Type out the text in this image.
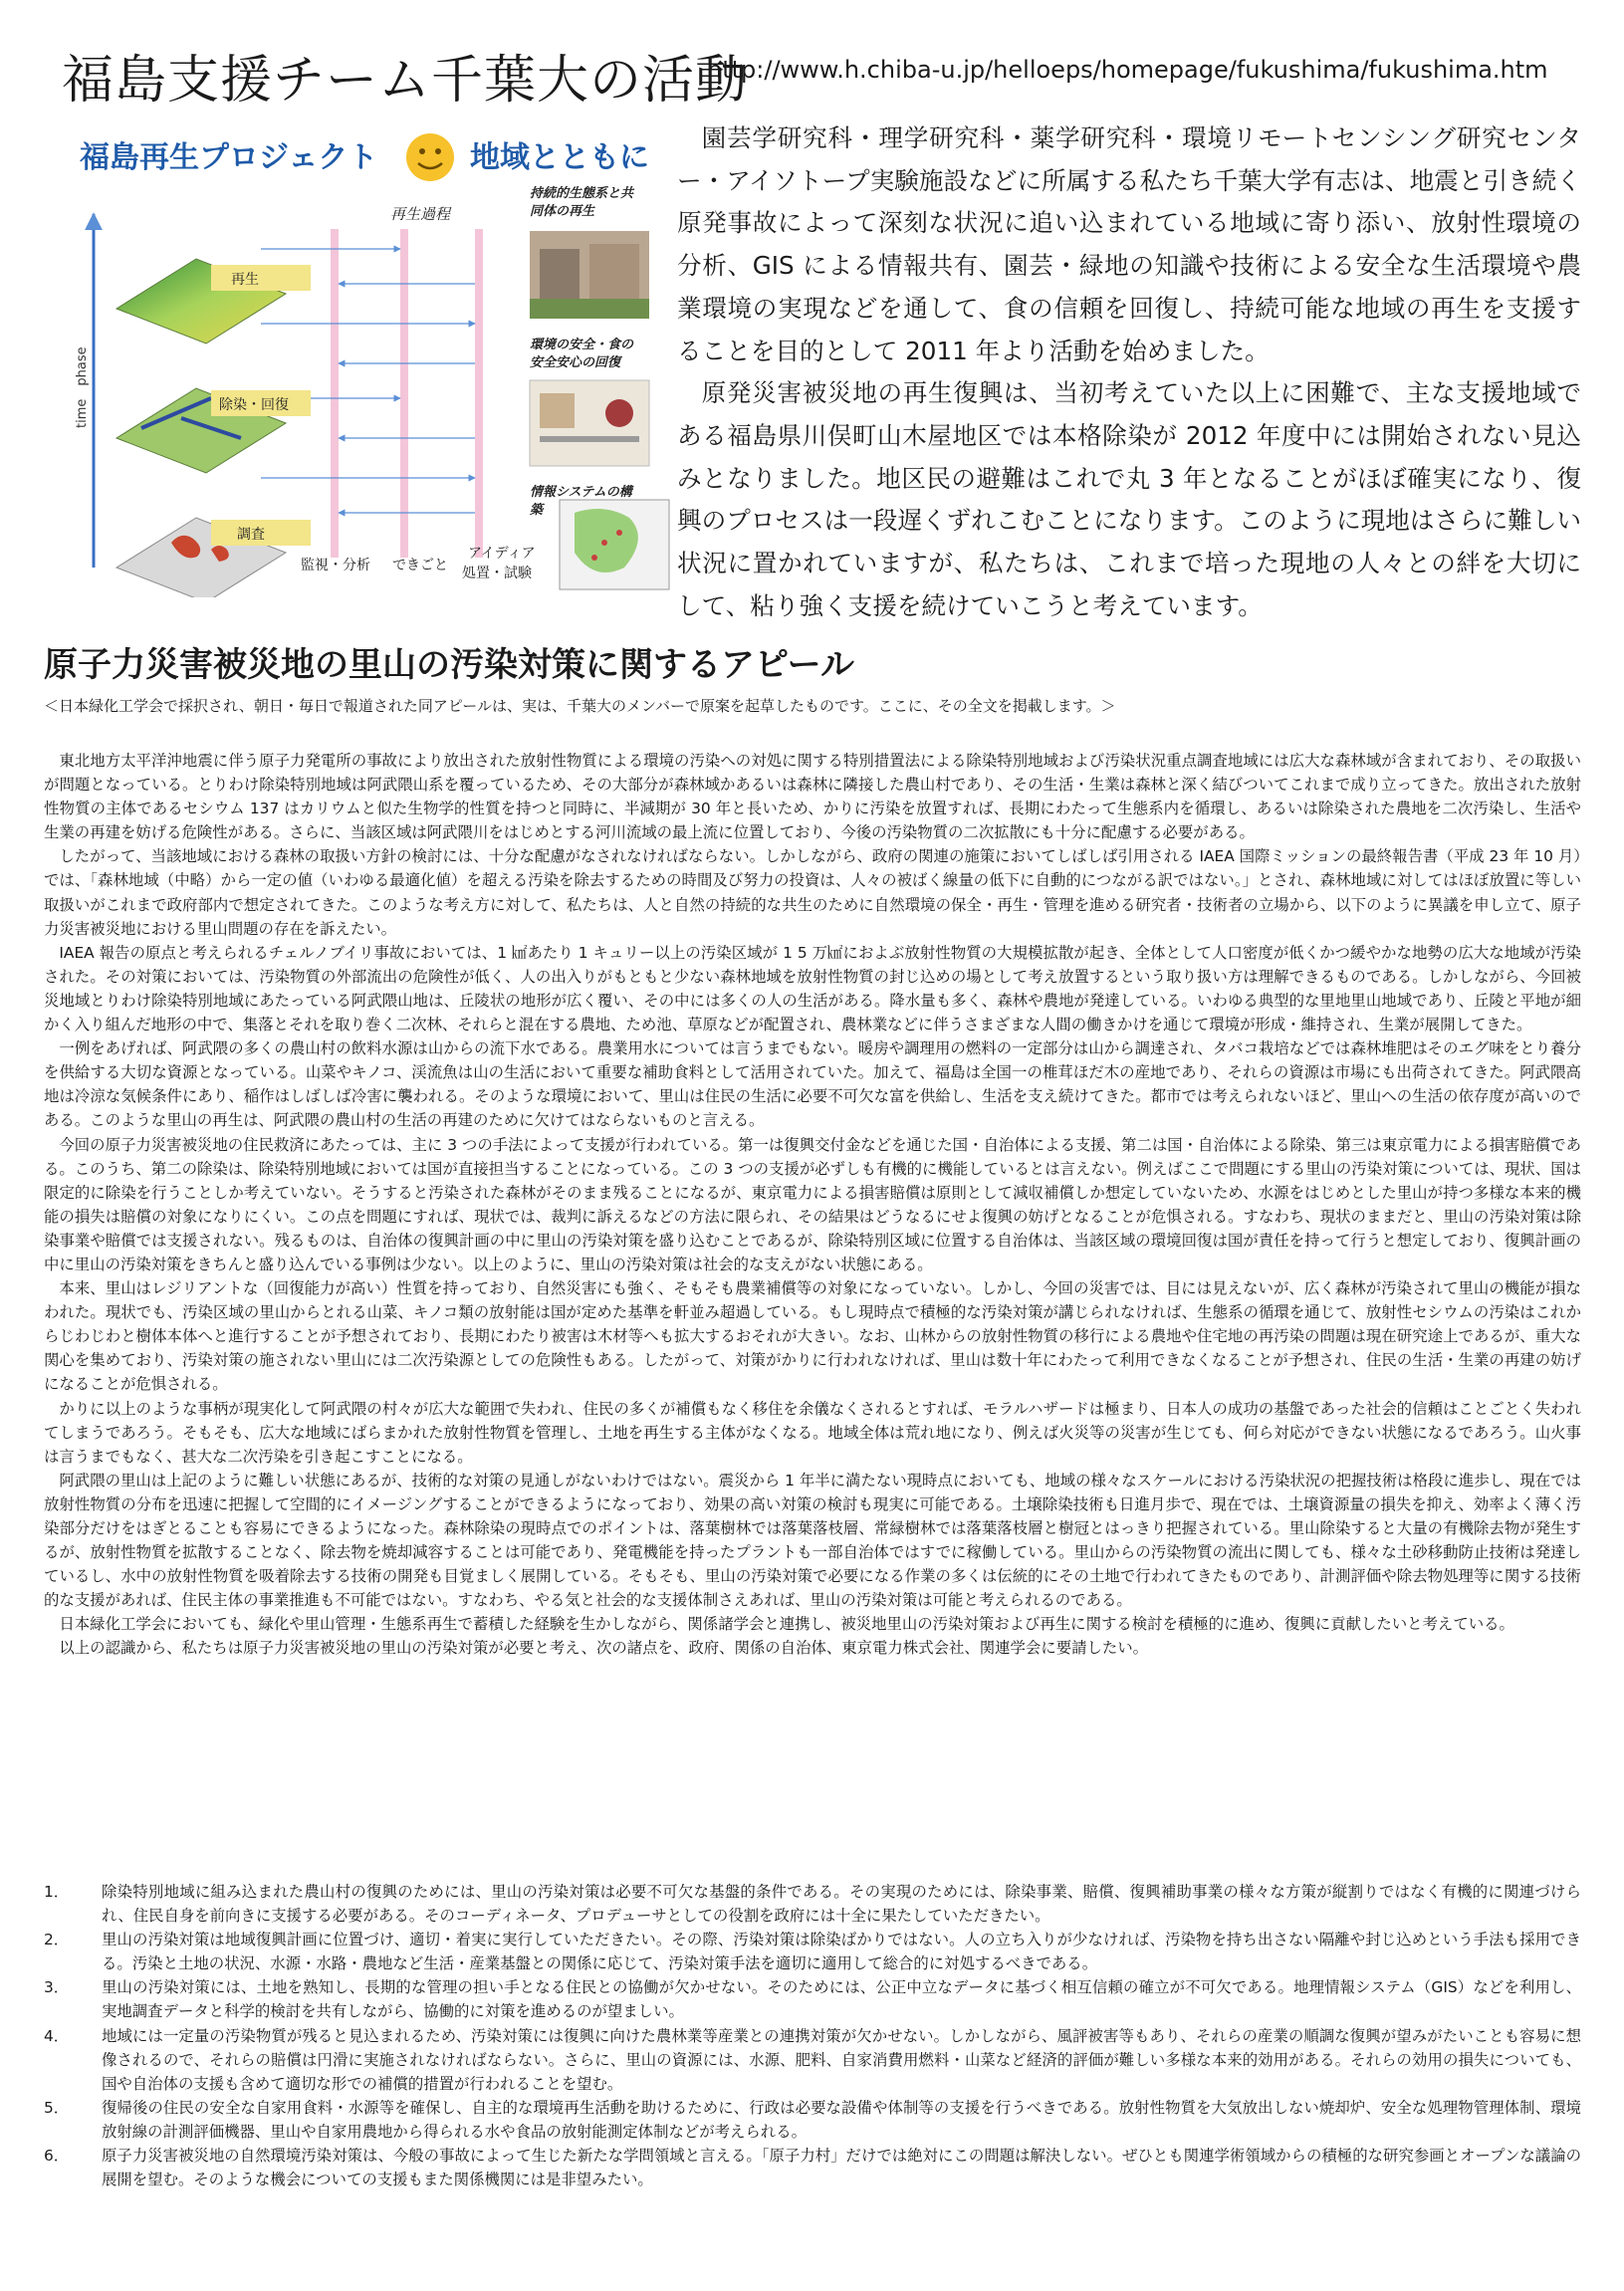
福島支援チーム千葉大の活動
http://www.h.chiba-u.jp/helloeps/homepage/fukushima/fukushima.htm
福島再生プロジェクト	地域とともに
time　phase
再生過程
再生
除染・回復
調査
持続的生態系と共
同体の再生
環境の安全・食の
安全安心の回復
情報システムの構
築
監視・分析 できごと
アイディア
処置・試験

園芸学研究科・理学研究科・薬学研究科・環境リモートセンシング研究センター・アイソトープ実験施設などに所属する私たち千葉大学有志は、地震と引き続く原発事故によって深刻な状況に追い込まれている地域に寄り添い、放射性環境の分析、GIS による情報共有、園芸・緑地の知識や技術による安全な生活環境や農業環境の実現などを通して、食の信頼を回復し、持続可能な地域の再生を支援することを目的として 2011 年より活動を始めました。

原発災害被災地の再生復興は、当初考えていた以上に困難で、主な支援地域である福島県川俣町山木屋地区では本格除染が 2012 年度中には開始されない見込みとなりました。地区民の避難はこれで丸 3 年となることがほぼ確実になり、復興のプロセスは一段遅くずれこむことになります。このように現地はさらに難しい状況に置かれていますが、私たちは、これまで培った現地の人々との絆を大切にして、粘り強く支援を続けていこうと考えています。

原子力災害被災地の里山の汚染対策に関するアピール
＜日本緑化工学会で採択され、朝日・毎日で報道された同アピールは、実は、千葉大のメンバーで原案を起草したものです。ここに、その全文を掲載します。＞

東北地方太平洋沖地震に伴う原子力発電所の事故により放出された放射性物質による環境の汚染への対処に関する特別措置法による除染特別地域および汚染状況重点調査地域には広大な森林域が含まれており、その取扱いが問題となっている。とりわけ除染特別地域は阿武隈山系を覆っているため、その大部分が森林域かあるいは森林に隣接した農山村であり、その生活・生業は森林と深く結びついてこれまで成り立ってきた。放出された放射性物質の主体であるセシウム 137 はカリウムと似た生物学的性質を持つと同時に、半減期が 30 年と長いため、かりに汚染を放置すれば、長期にわたって生態系内を循環し、あるいは除染された農地を二次汚染し、生活や生業の再建を妨げる危険性がある。さらに、当該区域は阿武隈川をはじめとする河川流域の最上流に位置しており、今後の汚染物質の二次拡散にも十分に配慮する必要がある。

したがって、当該地域における森林の取扱い方針の検討には、十分な配慮がなされなければならない。しかしながら、政府の関連の施策においてしばしば引用される IAEA 国際ミッションの最終報告書（平成 23 年 10 月）では、「森林地域（中略）から一定の値（いわゆる最適化値）を超える汚染を除去するための時間及び努力の投資は、人々の被ばく線量の低下に自動的につながる訳ではない。」とされ、森林地域に対してはほぼ放置に等しい取扱いがこれまで政府部内で想定されてきた。このような考え方に対して、私たちは、人と自然の持続的な共生のために自然環境の保全・再生・管理を進める研究者・技術者の立場から、以下のように異議を申し立て、原子力災害被災地における里山問題の存在を訴えたい。

IAEA 報告の原点と考えられるチェルノブイリ事故においては、1 ㎢あたり 1 キュリー以上の汚染区域が 1 5 万㎢におよぶ放射性物質の大規模拡散が起き、全体として人口密度が低くかつ緩やかな地勢の広大な地域が汚染された。その対策においては、汚染物質の外部流出の危険性が低く、人の出入りがもともと少ない森林地域を放射性物質の封じ込めの場として考え放置するという取り扱い方は理解できるものである。しかしながら、今回被災地域とりわけ除染特別地域にあたっている阿武隈山地は、丘陵状の地形が広く覆い、その中には多くの人の生活がある。降水量も多く、森林や農地が発達している。いわゆる典型的な里地里山地域であり、丘陵と平地が細かく入り組んだ地形の中で、集落とそれを取り巻く二次林、それらと混在する農地、ため池、草原などが配置され、農林業などに伴うさまざまな人間の働きかけを通じて環境が形成・維持され、生業が展開してきた。

一例をあげれば、阿武隈の多くの農山村の飲料水源は山からの流下水である。農業用水については言うまでもない。暖房や調理用の燃料の一定部分は山から調達され、タバコ栽培などでは森林堆肥はそのエグ味をとり養分を供給する大切な資源となっている。山菜やキノコ、渓流魚は山の生活において重要な補助食料として活用されていた。加えて、福島は全国一の椎茸ほだ木の産地であり、それらの資源は市場にも出荷されてきた。阿武隈高地は冷涼な気候条件にあり、稲作はしばしば冷害に襲われる。そのような環境において、里山は住民の生活に必要不可欠な富を供給し、生活を支え続けてきた。都市では考えられないほど、里山への生活の依存度が高いのである。このような里山の再生は、阿武隈の農山村の生活の再建のために欠けてはならないものと言える。

今回の原子力災害被災地の住民救済にあたっては、主に 3 つの手法によって支援が行われている。第一は復興交付金などを通じた国・自治体による支援、第二は国・自治体による除染、第三は東京電力による損害賠償である。このうち、第二の除染は、除染特別地域においては国が直接担当することになっている。この 3 つの支援が必ずしも有機的に機能しているとは言えない。例えばここで問題にする里山の汚染対策については、現状、国は限定的に除染を行うことしか考えていない。そうすると汚染された森林がそのまま残ることになるが、東京電力による損害賠償は原則として減収補償しか想定していないため、水源をはじめとした里山が持つ多様な本来的機能の損失は賠償の対象になりにくい。この点を問題にすれば、現状では、裁判に訴えるなどの方法に限られ、その結果はどうなるにせよ復興の妨げとなることが危惧される。すなわち、現状のままだと、里山の汚染対策は除染事業や賠償では支援されない。残るものは、自治体の復興計画の中に里山の汚染対策を盛り込むことであるが、除染特別区域に位置する自治体は、当該区域の環境回復は国が責任を持って行うと想定しており、復興計画の中に里山の汚染対策をきちんと盛り込んでいる事例は少ない。以上のように、里山の汚染対策は社会的な支えがない状態にある。

本来、里山はレジリアントな（回復能力が高い）性質を持っており、自然災害にも強く、そもそも農業補償等の対象になっていない。しかし、今回の災害では、目には見えないが、広く森林が汚染されて里山の機能が損なわれた。現状でも、汚染区域の里山からとれる山菜、キノコ類の放射能は国が定めた基準を軒並み超過している。もし現時点で積極的な汚染対策が講じられなければ、生態系の循環を通じて、放射性セシウムの汚染はこれからじわじわと樹体本体へと進行することが予想されており、長期にわたり被害は木材等へも拡大するおそれが大きい。なお、山林からの放射性物質の移行による農地や住宅地の再汚染の問題は現在研究途上であるが、重大な関心を集めており、汚染対策の施されない里山には二次汚染源としての危険性もある。したがって、対策がかりに行われなければ、里山は数十年にわたって利用できなくなることが予想され、住民の生活・生業の再建の妨げになることが危惧される。

かりに以上のような事柄が現実化して阿武隈の村々が広大な範囲で失われ、住民の多くが補償もなく移住を余儀なくされるとすれば、モラルハザードは極まり、日本人の成功の基盤であった社会的信頼はことごとく失われてしまうであろう。そもそも、広大な地域にばらまかれた放射性物質を管理し、土地を再生する主体がなくなる。地域全体は荒れ地になり、例えば火災等の災害が生じても、何ら対応ができない状態になるであろう。山火事は言うまでもなく、甚大な二次汚染を引き起こすことになる。

阿武隈の里山は上記のように難しい状態にあるが、技術的な対策の見通しがないわけではない。震災から 1 年半に満たない現時点においても、地域の様々なスケールにおける汚染状況の把握技術は格段に進歩し、現在では放射性物質の分布を迅速に把握して空間的にイメージングすることができるようになっており、効果の高い対策の検討も現実に可能である。土壌除染技術も日進月歩で、現在では、土壌資源量の損失を抑え、効率よく薄く汚染部分だけをはぎとることも容易にできるようになった。森林除染の現時点でのポイントは、落葉樹林では落葉落枝層、常緑樹林では落葉落枝層と樹冠とはっきり把握されている。里山除染すると大量の有機除去物が発生するが、放射性物質を拡散することなく、除去物を焼却減容することは可能であり、発電機能を持ったプラントも一部自治体ではすでに稼働している。里山からの汚染物質の流出に関しても、様々な土砂移動防止技術は発達しているし、水中の放射性物質を吸着除去する技術の開発も目覚ましく展開している。そもそも、里山の汚染対策で必要になる作業の多くは伝統的にその土地で行われてきたものであり、計測評価や除去物処理等に関する技術的な支援があれば、住民主体の事業推進も不可能ではない。すなわち、やる気と社会的な支援体制さえあれば、里山の汚染対策は可能と考えられるのである。

日本緑化工学会においても、緑化や里山管理・生態系再生で蓄積した経験を生かしながら、関係諸学会と連携し、被災地里山の汚染対策および再生に関する検討を積極的に進め、復興に貢献したいと考えている。

以上の認識から、私たちは原子力災害被災地の里山の汚染対策が必要と考え、次の諸点を、政府、関係の自治体、東京電力株式会社、関連学会に要請したい。

1． 除染特別地域に組み込まれた農山村の復興のためには、里山の汚染対策は必要不可欠な基盤的条件である。その実現のためには、除染事業、賠償、復興補助事業の様々な方策が縦割りではなく有機的に関連づけられ、住民自身を前向きに支援する必要がある。そのコーディネータ、プロデューサとしての役割を政府には十全に果たしていただきたい。
2． 里山の汚染対策は地域復興計画に位置づけ、適切・着実に実行していただきたい。その際、汚染対策は除染ばかりではない。人の立ち入りが少なければ、汚染物を持ち出さない隔離や封じ込めという手法も採用できる。汚染と土地の状況、水源・水路・農地など生活・産業基盤との関係に応じて、汚染対策手法を適切に適用して総合的に対処するべきである。
3． 里山の汚染対策には、土地を熟知し、長期的な管理の担い手となる住民との協働が欠かせない。そのためには、公正中立なデータに基づく相互信頼の確立が不可欠である。地理情報システム（GIS）などを利用し、実地調査データと科学的検討を共有しながら、協働的に対策を進めるのが望ましい。
4． 地域には一定量の汚染物質が残ると見込まれるため、汚染対策には復興に向けた農林業等産業との連携対策が欠かせない。しかしながら、風評被害等もあり、それらの産業の順調な復興が望みがたいことも容易に想像されるので、それらの賠償は円滑に実施されなければならない。さらに、里山の資源には、水源、肥料、自家消費用燃料・山菜など経済的評価が難しい多様な本来的効用がある。それらの効用の損失についても、国や自治体の支援も含めて適切な形での補償的措置が行われることを望む。
5． 復帰後の住民の安全な自家用食料・水源等を確保し、自主的な環境再生活動を助けるために、行政は必要な設備や体制等の支援を行うべきである。放射性物質を大気放出しない焼却炉、安全な処理物管理体制、環境放射線の計測評価機器、里山や自家用農地から得られる水や食品の放射能測定体制などが考えられる。
6． 原子力災害被災地の自然環境汚染対策は、今般の事故によって生じた新たな学問領域と言える。「原子力村」だけでは絶対にこの問題は解決しない。ぜひとも関連学術領域からの積極的な研究参画とオープンな議論の展開を望む。そのような機会についての支援もまた関係機関には是非望みたい。
